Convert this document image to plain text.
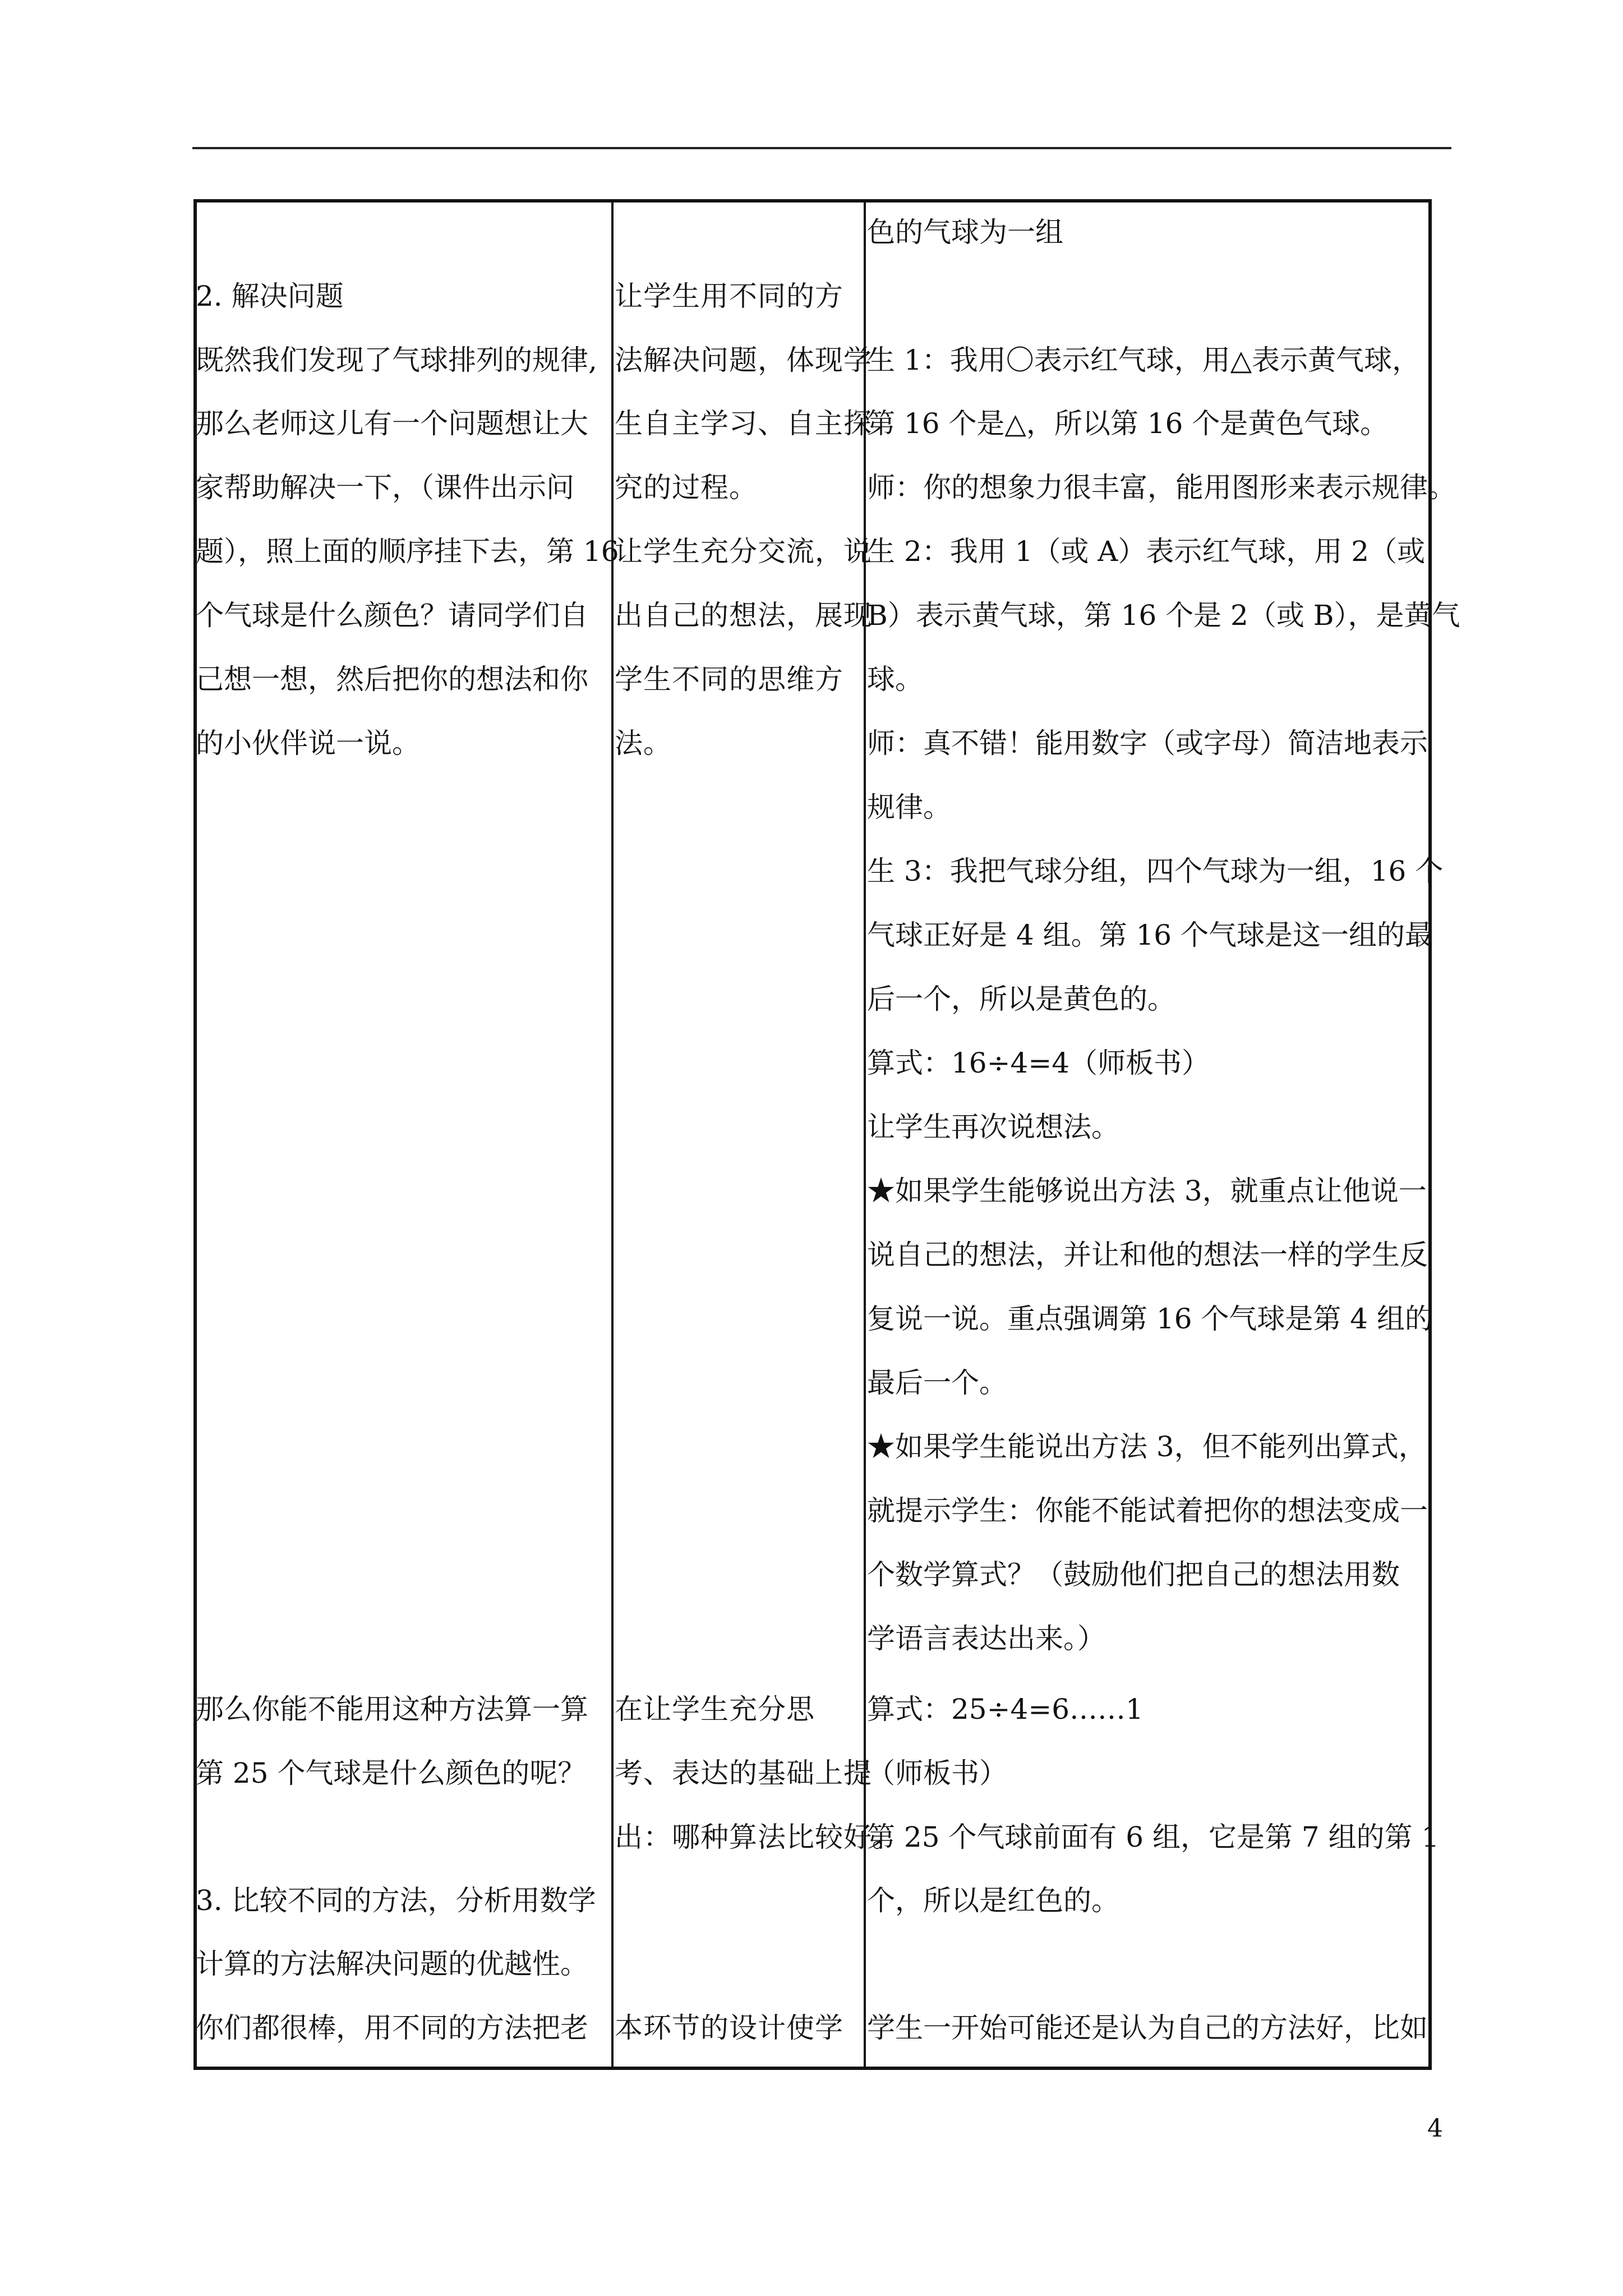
2. 解决问题
既然我们发现了气球排列的规律,
那么老师这儿有一个问题想让大
家帮助解决一下，（课件出示问
题），照上面的顺序挂下去，第 16
个气球是什么颜色？请同学们自
己想一想，然后把你的想法和你
的小伙伴说一说。
那么你能不能用这种方法算一算
第 25 个气球是什么颜色的呢？
3. 比较不同的方法，分析用数学
计算的方法解决问题的优越性。
你们都很棒，用不同的方法把老
让学生用不同的方
法解决问题，体现学
生自主学习、自主探
究的过程。
让学生充分交流，说
出自己的想法，展现
学生不同的思维方
法。
在让学生充分思
考、表达的基础上提
出：哪种算法比较好。
本环节的设计使学
色的气球为一组
生 1：我用〇表示红气球，用△表示黄气球，
第 16 个是△，所以第 16 个是黄色气球。
师：你的想象力很丰富，能用图形来表示规律。
生 2：我用 1（或 A）表示红气球，用 2（或
B）表示黄气球，第 16 个是 2（或 B），是黄气
球。
师：真不错！能用数字（或字母）简洁地表示
规律。
生 3：我把气球分组，四个气球为一组，16 个
气球正好是 4 组。第 16 个气球是这一组的最
后一个，所以是黄色的。
算式：16÷4=4（师板书）
让学生再次说想法。
★如果学生能够说出方法 3，就重点让他说一
说自己的想法，并让和他的想法一样的学生反
复说一说。重点强调第 16 个气球是第 4 组的
最后一个。
★如果学生能说出方法 3，但不能列出算式，
就提示学生：你能不能试着把你的想法变成一
个数学算式？（鼓励他们把自己的想法用数
学语言表达出来。）
算式：25÷4=6……1
（师板书）
第 25 个气球前面有 6 组，它是第 7 组的第 1
个，所以是红色的。
学生一开始可能还是认为自己的方法好，比如
4
